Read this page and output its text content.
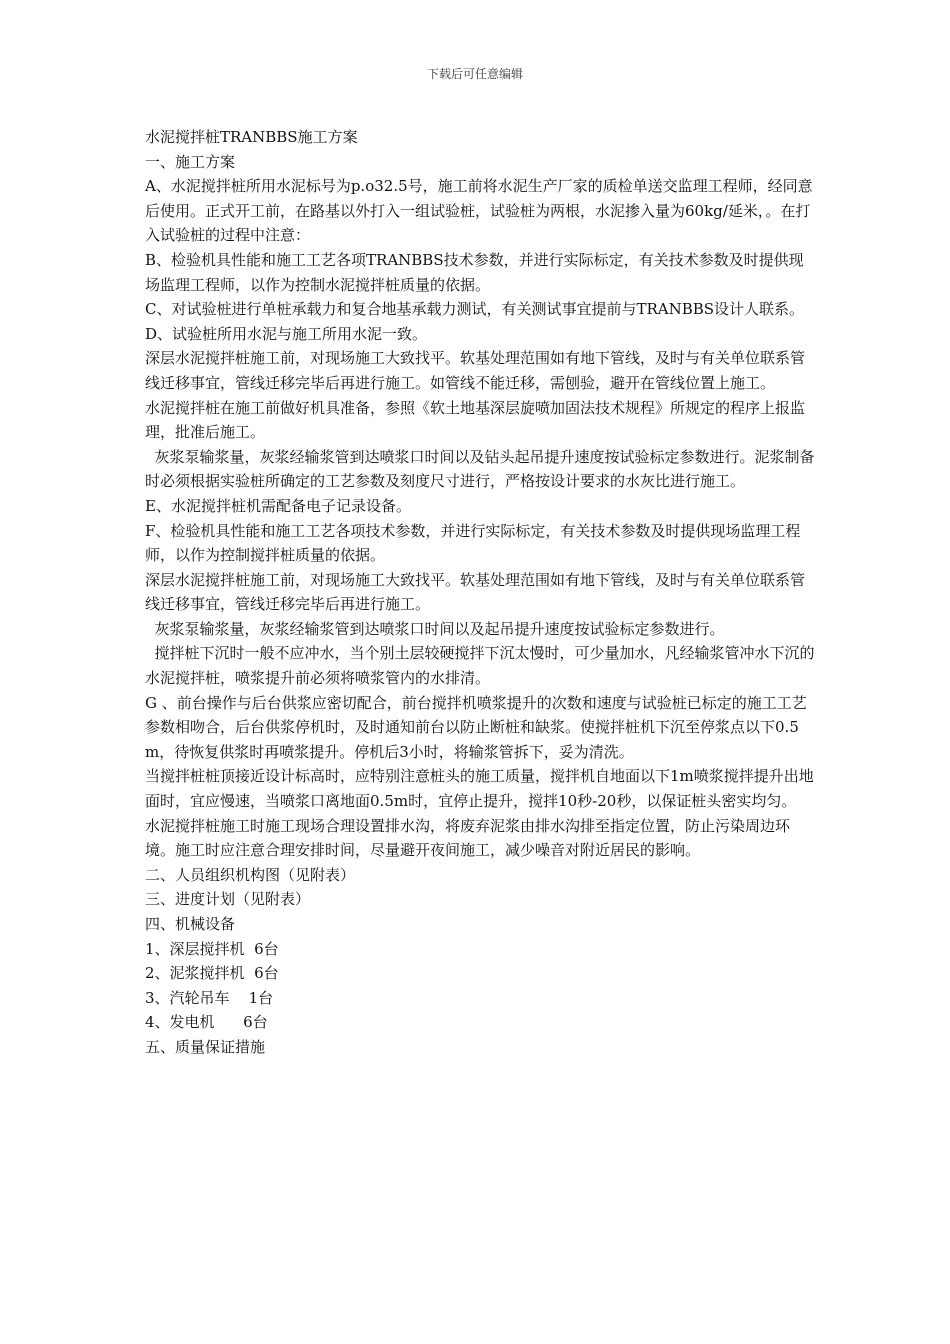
下载后可任意编辑

水泥搅拌桩TRANBBS施工方案

一、施工方案

A、水泥搅拌桩所用水泥标号为p.o32.5号，施工前将水泥生产厂家的质检单送交监理工程师，经同意后使用。正式开工前，在路基以外打入一组试验桩，试验桩为两根，水泥掺入量为60kg/延米，。在打入试验桩的过程中注意：

B、检验机具性能和施工工艺各项TRANBBS技术参数，并进行实际标定，有关技术参数及时提供现场监理工程师，以作为控制水泥搅拌桩质量的依据。

C、对试验桩进行单桩承载力和复合地基承载力测试，有关测试事宜提前与TRANBBS设计人联系。

D、试验桩所用水泥与施工所用水泥一致。

深层水泥搅拌桩施工前，对现场施工大致找平。软基处理范围如有地下管线，及时与有关单位联系管线迁移事宜，管线迁移完毕后再进行施工。如管线不能迁移，需刨验，避开在管线位置上施工。

水泥搅拌桩在施工前做好机具准备，参照《软土地基深层旋喷加固法技术规程》所规定的程序上报监理，批准后施工。

灰浆泵输浆量，灰浆经输浆管到达喷浆口时间以及钻头起吊提升速度按试验标定参数进行。泥浆制备时必须根据实验桩所确定的工艺参数及刻度尺寸进行，严格按设计要求的水灰比进行施工。

E、水泥搅拌桩机需配备电子记录设备。

F、检验机具性能和施工工艺各项技术参数，并进行实际标定，有关技术参数及时提供现场监理工程师，以作为控制搅拌桩质量的依据。

深层水泥搅拌桩施工前，对现场施工大致找平。软基处理范围如有地下管线，及时与有关单位联系管线迁移事宜，管线迁移完毕后再进行施工。

灰浆泵输浆量，灰浆经输浆管到达喷浆口时间以及起吊提升速度按试验标定参数进行。

搅拌桩下沉时一般不应冲水，当个别土层较硬搅拌下沉太慢时，可少量加水，凡经输浆管冲水下沉的水泥搅拌桩，喷浆提升前必须将喷浆管内的水排清。

G 、前台操作与后台供浆应密切配合，前台搅拌机喷浆提升的次数和速度与试验桩已标定的施工工艺参数相吻合，后台供浆停机时，及时通知前台以防止断桩和缺浆。使搅拌桩机下沉至停浆点以下0.5m，待恢复供浆时再喷浆提升。停机后3小时，将输浆管拆下，妥为清洗。

当搅拌桩桩顶接近设计标高时，应特别注意桩头的施工质量，搅拌机自地面以下1m喷浆搅拌提升出地面时，宜应慢速，当喷浆口离地面0.5m时，宜停止提升，搅拌10秒-20秒，以保证桩头密实均匀。

水泥搅拌桩施工时施工现场合理设置排水沟，将废弃泥浆由排水沟排至指定位置，防止污染周边环境。施工时应注意合理安排时间，尽量避开夜间施工，减少噪音对附近居民的影响。

二、人员组织机构图（见附表）

三、进度计划（见附表）

四、机械设备

1、深层搅拌机  6台

2、泥浆搅拌机  6台

3、汽轮吊车    1台

4、发电机      6台

五、质量保证措施
